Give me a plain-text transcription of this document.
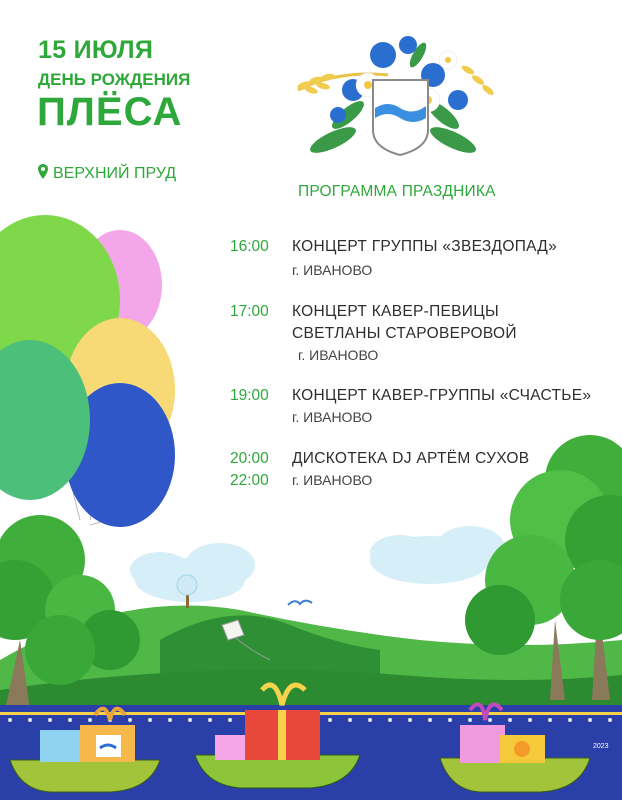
15 ИЮЛЯ
ДЕНЬ РОЖДЕНИЯ
ПЛЁСА
ВЕРХНИЙ ПРУД
ПРОГРАММА ПРАЗДНИКА
16:00 КОНЦЕРТ ГРУППЫ «ЗВЕЗДОПАД»
г. ИВАНОВО
17:00 КОНЦЕРТ КАВЕР-ПЕВИЦЫ
СВЕТЛАНЫ СТАРОВЕРОВОЙ
г. ИВАНОВО
19:00 КОНЦЕРТ КАВЕР-ГРУППЫ «СЧАСТЬЕ»
г. ИВАНОВО
20:00
22:00
ДИСКОТЕКА DJ АРТЁМ СУХОВ
г. ИВАНОВО
2023
